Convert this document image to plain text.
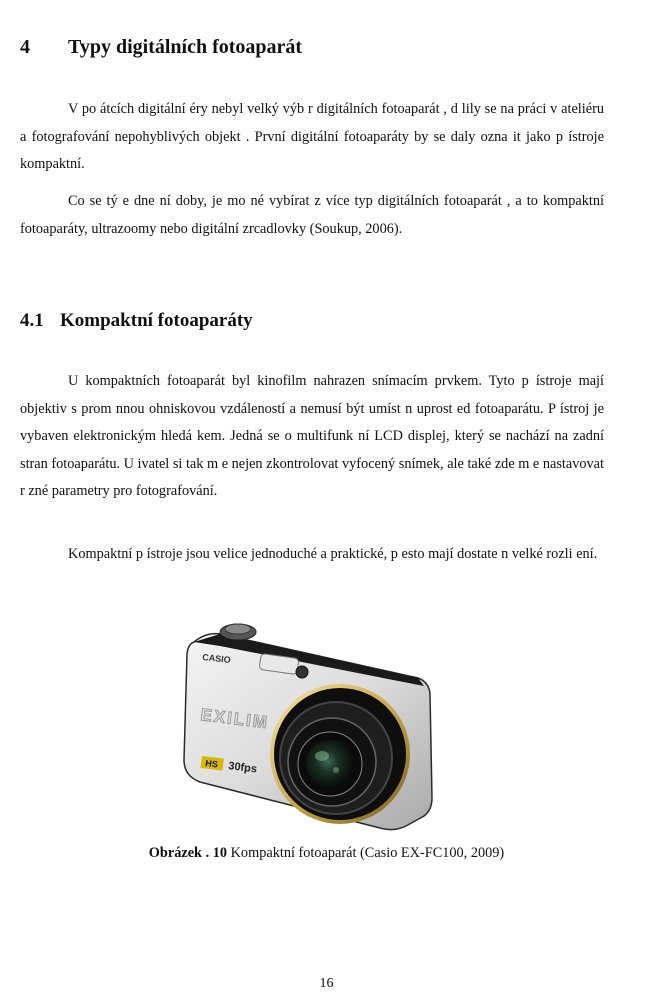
4 Typy digitálních fotoaparát

V po átcích digitální éry nebyl velký výb r digitálních fotoaparát , d lily se na práci v ateliéru a fotografování nepohyblivých objekt . První digitální fotoaparáty by se daly ozna it jako p ístroje kompaktní.

Co se tý e dne ní doby, je mo né vybírat z více typ digitálních fotoaparát , a to kompaktní fotoaparáty, ultrazoomy nebo digitální zrcadlovky (Soukup, 2006).

4.1 Kompaktní fotoaparáty

U kompaktních fotoaparát byl kinofilm nahrazen snímacím prvkem. Tyto p ístroje mají objektiv s prom nnou ohniskovou vzdáleností a nemusí být umíst n uprost ed fotoaparátu. P ístroj je vybaven elektronickým hledá kem. Jedná se o multifunk ní LCD displej, který se nachází na zadní stran fotoaparátu. U ivatel si tak m e nejen zkontrolovat vyfocený snímek, ale také zde m e nastavovat r zné parametry pro fotografování.

Kompaktní p ístroje jsou velice jednoduché a praktické, p esto mají dostate n velké rozli ení.

CASIO
EXILIM
HS 30fps
Obrázek . 10 Kompaktní fotoaparát (Casio EX-FC100, 2009)
16
